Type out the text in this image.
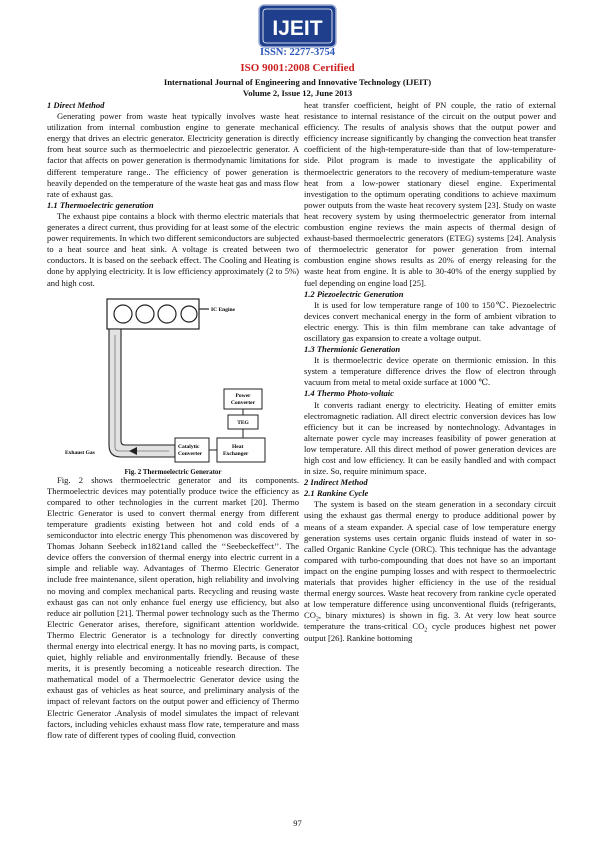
IJEIT
ISSN: 2277-3754
ISO 9001:2008 Certified
International Journal of Engineering and Innovative Technology (IJEIT)
Volume 2, Issue 12, June 2013
1 Direct Method

Generating power from waste heat typically involves waste heat utilization from internal combustion engine to generate mechanical energy that drives an electric generator. Electricity generation is directly from heat source such as thermoelectric and piezoelectric generator. A factor that affects on power generation is thermodynamic limitations for different temperature range.. The efficiency of power generation is heavily depended on the temperature of the waste heat gas and mass flow rate of exhaust gas.

1.1 Thermoelectric generation

The exhaust pipe contains a block with thermo electric materials that generates a direct current, thus providing for at least some of the electric power requirements. In which two different semiconductors are subjected to a heat source and heat sink. A voltage is created between two conductors. It is based on the seeback effect. The Cooling and Heating is done by applying electricity. It is low efficiency approximately (2 to 5%) and high cost.

IC Engine
Exhaust Gas
Catalytic Converter
Heat Exchanger
TEG
Power Converter
Fig. 2 Thermoelectric Generator

Fig. 2 shows thermoelectric generator and its components. Thermoelectric devices may potentially produce twice the efficiency as compared to other technologies in the current market [20]. Thermo Electric Generator is used to convert thermal energy from different temperature gradients existing between hot and cold ends of a semiconductor into electric energy This phenomenon was discovered by Thomas Johann Seebeck in1821and called the ‘‘Seebeckeffect’’. The device offers the conversion of thermal energy into electric current in a simple and reliable way. Advantages of Thermo Electric Generator include free maintenance, silent operation, high reliability and involving no moving and complex mechanical parts. Recycling and reusing waste exhaust gas can not only enhance fuel energy use efficiency, but also reduce air pollution [21]. Thermal power technology such as the Thermo Electric Generator arises, therefore, significant attention worldwide. Thermo Electric Generator is a technology for directly converting thermal energy into electrical energy. It has no moving parts, is compact, quiet, highly reliable and environmentally friendly. Because of these merits, it is presently becoming a noticeable research direction. The mathematical model of a Thermoelectric Generator device using the exhaust gas of vehicles as heat source, and preliminary analysis of the impact of relevant factors on the output power and efficiency of Thermo Electric Generator .Analysis of model simulates the impact of relevant factors, including vehicles exhaust mass flow rate, temperature and mass flow rate of different types of cooling fluid, convection

heat transfer coefficient, height of PN couple, the ratio of external resistance to internal resistance of the circuit on the output power and efficiency. The results of analysis shows that the output power and efficiency increase significantly by changing the convection heat transfer coefficient of the high-temperature-side than that of low-temperature-side. Pilot program is made to investigate the applicability of thermoelectric generators to the recovery of medium-temperature waste heat from a low-power stationary diesel engine. Experimental investigation to the optimum operating conditions to achieve maximum power outputs from the waste heat recovery system [23]. Study on waste heat recovery system by using thermoelectric generator from internal combustion engine reviews the main aspects of thermal design of exhaust-based thermoelectric generators (ETEG) systems [24]. Analysis of thermoelectric generator for power generation from internal combustion engine shows results as 20% of energy releasing for the waste heat from engine. It is able to 30-40% of the energy supplied by fuel depending on engine load [25].

1.2 Piezoelectric Generation

It is used for low temperature range of 100 to 150℃. Piezoelectric devices convert mechanical energy in the form of ambient vibration to electric energy. This is thin film membrane can take advantage of oscillatory gas expansion to create a voltage output.

1.3 Thermionic Generation

It is thermoelectric device operate on thermionic emission. In this system a temperature difference drives the flow of electron through vacuum from metal to metal oxide surface at 1000 ℃.

1.4 Thermo Photo-voltaic

It converts radiant energy to electricity. Heating of emitter emits electromagnetic radiation. All direct electric conversion devices has low efficiency but it can be increased by nontechnology. Advantages in alternate power cycle may increases feasibility of power generation at low temperature. All this direct method of power generation devices are high cost and low efficiency. It can be easily handled and with compact in size. So, require minimum space.

2 Indirect Method
2.1 Rankine Cycle

The system is based on the steam generation in a secondary circuit using the exhaust gas thermal energy to produce additional power by means of a steam expander. A special case of low temperature energy generation systems uses certain organic fluids instead of water in so-called Organic Rankine Cycle (ORC). This technique has the advantage compared with turbo-compounding that does not have so an important impact on the engine pumping losses and with respect to thermoelectric materials that provides higher efficiency in the use of the residual thermal energy sources. Waste heat recovery from rankine cycle operated at low temperature difference using unconventional fluids (refrigerants, $CO_2$, binary mixtures) is shown in fig. 3. At very low heat source temperature the trans-critical $CO_2$ cycle produces highest net power output [26]. Rankine bottoming

97
